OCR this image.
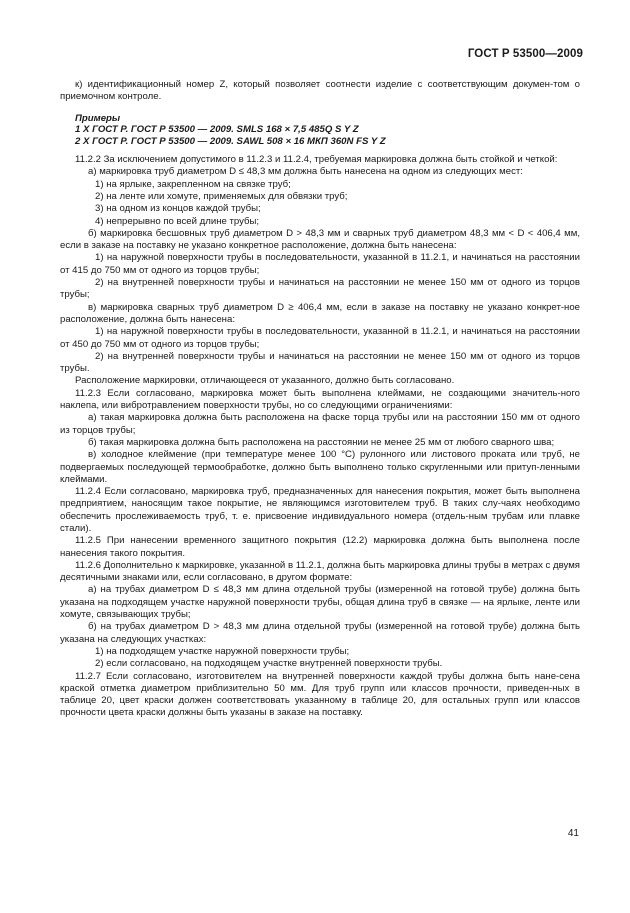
ГОСТ Р 53500—2009

к) идентификационный номер Z, который позволяет соотнести изделие с соответствующим докумен-том о приемочном контроле.

Примеры
1 X ГОСТ Р. ГОСТ Р 53500 — 2009. SMLS 168 × 7,5 485Q S Y Z
2 X ГОСТ Р. ГОСТ Р 53500 — 2009. SAWL 508 × 16 МКП 360N FS Y Z

11.2.2 За исключением допустимого в 11.2.3 и 11.2.4, требуемая маркировка должна быть стойкой и четкой:

а) маркировка труб диаметром D ≤ 48,3 мм должна быть нанесена на одном из следующих мест:

1) на ярлыке, закрепленном на связке труб;

2) на ленте или хомуте, применяемых для обвязки труб;

3) на одном из концов каждой трубы;

4) непрерывно по всей длине трубы;

б) маркировка бесшовных труб диаметром D > 48,3 мм и сварных труб диаметром 48,3 мм < D < 406,4 мм, если в заказе на поставку не указано конкретное расположение, должна быть нанесена:

1) на наружной поверхности трубы в последовательности, указанной в 11.2.1, и начинаться на расстоянии от 415 до 750 мм от одного из торцов трубы;

2) на внутренней поверхности трубы и начинаться на расстоянии не менее 150 мм от одного из торцов трубы;

в) маркировка сварных труб диаметром D ≥ 406,4 мм, если в заказе на поставку не указано конкрет-ное расположение, должна быть нанесена:

1) на наружной поверхности трубы в последовательности, указанной в 11.2.1, и начинаться на расстоянии от 450 до 750 мм от одного из торцов трубы;

2) на внутренней поверхности трубы и начинаться на расстоянии не менее 150 мм от одного из торцов трубы.

Расположение маркировки, отличающееся от указанного, должно быть согласовано.

11.2.3 Если согласовано, маркировка может быть выполнена клеймами, не создающими значитель-ного наклепа, или вибротравлением поверхности трубы, но со следующими ограничениями:

а) такая маркировка должна быть расположена на фаске торца трубы или на расстоянии 150 мм от одного из торцов трубы;

б) такая маркировка должна быть расположена на расстоянии не менее 25 мм от любого сварного шва;

в) холодное клеймение (при температуре менее 100 °С) рулонного или листового проката или труб, не подвергаемых последующей термообработке, должно быть выполнено только скругленными или притуп-ленными клеймами.

11.2.4 Если согласовано, маркировка труб, предназначенных для нанесения покрытия, может быть выполнена предприятием, наносящим такое покрытие, не являющимся изготовителем труб. В таких слу-чаях необходимо обеспечить прослеживаемость труб, т. е. присвоение индивидуального номера (отдель-ным трубам или плавке стали).

11.2.5 При нанесении временного защитного покрытия (12.2) маркировка должна быть выполнена после нанесения такого покрытия.

11.2.6 Дополнительно к маркировке, указанной в 11.2.1, должна быть маркировка длины трубы в метрах с двумя десятичными знаками или, если согласовано, в другом формате:

а) на трубах диаметром D ≤ 48,3 мм длина отдельной трубы (измеренной на готовой трубе) должна быть указана на подходящем участке наружной поверхности трубы, общая длина труб в связке — на ярлыке, ленте или хомуте, связывающих трубы;

б) на трубах диаметром D > 48,3 мм длина отдельной трубы (измеренной на готовой трубе) должна быть указана на следующих участках:

1) на подходящем участке наружной поверхности трубы;

2) если согласовано, на подходящем участке внутренней поверхности трубы.

11.2.7 Если согласовано, изготовителем на внутренней поверхности каждой трубы должна быть нане-сена краской отметка диаметром приблизительно 50 мм. Для труб групп или классов прочности, приведен-ных в таблице 20, цвет краски должен соответствовать указанному в таблице 20, для остальных групп или классов прочности цвета краски должны быть указаны в заказе на поставку.

41
